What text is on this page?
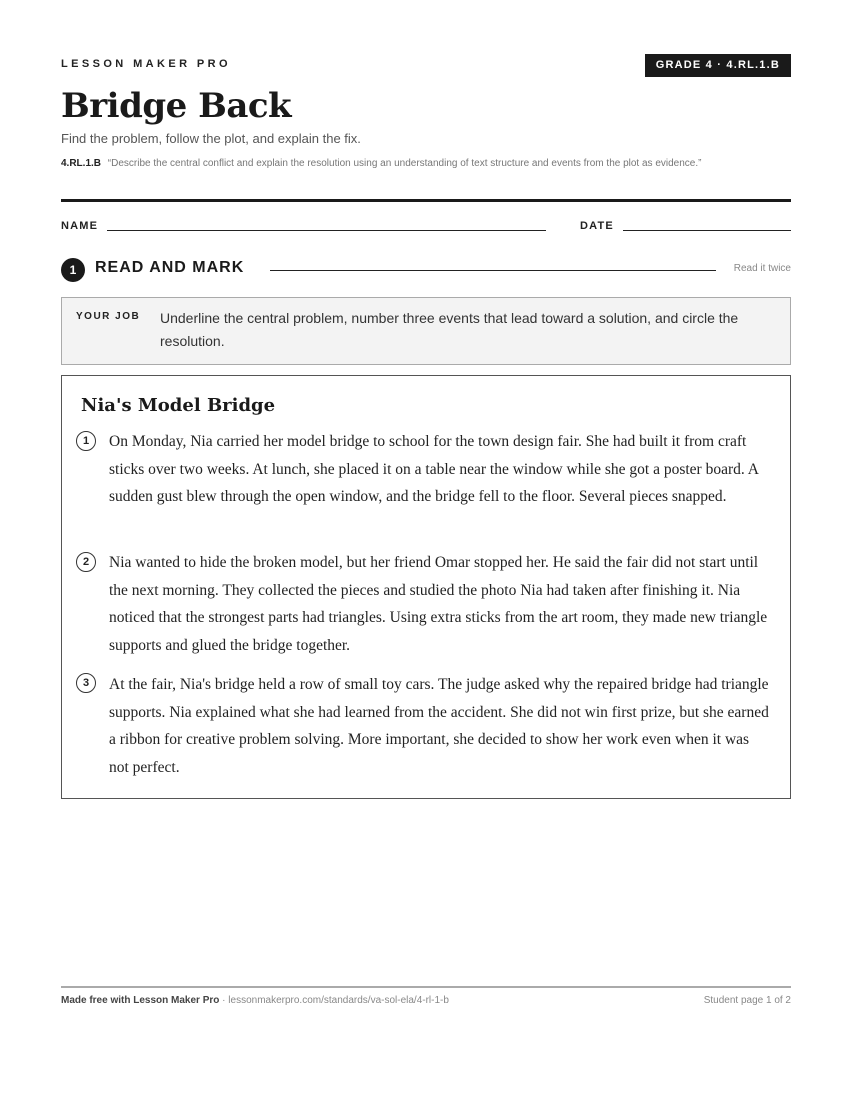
LESSON MAKER PRO	GRADE 4 · 4.RL.1.B
Bridge Back
Find the problem, follow the plot, and explain the fix.
4.RL.1.B “Describe the central conflict and explain the resolution using an understanding of text structure and events from the plot as evidence.”
NAME	DATE
1	READ AND MARK	Read it twice
YOUR JOB Underline the central problem, number three events that lead toward a solution, and circle the resolution.
Nia's Model Bridge
1	On Monday, Nia carried her model bridge to school for the town design fair. She had built it from craft sticks over two weeks. At lunch, she placed it on a table near the window while she got a poster board. A sudden gust blew through the open window, and the bridge fell to the floor. Several pieces snapped.
2	Nia wanted to hide the broken model, but her friend Omar stopped her. He said the fair did not start until the next morning. They collected the pieces and studied the photo Nia had taken after finishing it. Nia noticed that the strongest parts had triangles. Using extra sticks from the art room, they made new triangle supports and glued the bridge together.
3	At the fair, Nia's bridge held a row of small toy cars. The judge asked why the repaired bridge had triangle supports. Nia explained what she had learned from the accident. She did not win first prize, but she earned a ribbon for creative problem solving. More important, she decided to show her work even when it was not perfect.
Made free with Lesson Maker Pro · lessonmakerpro.com/standards/va-sol-ela/4-rl-1-b	Student page 1 of 2
